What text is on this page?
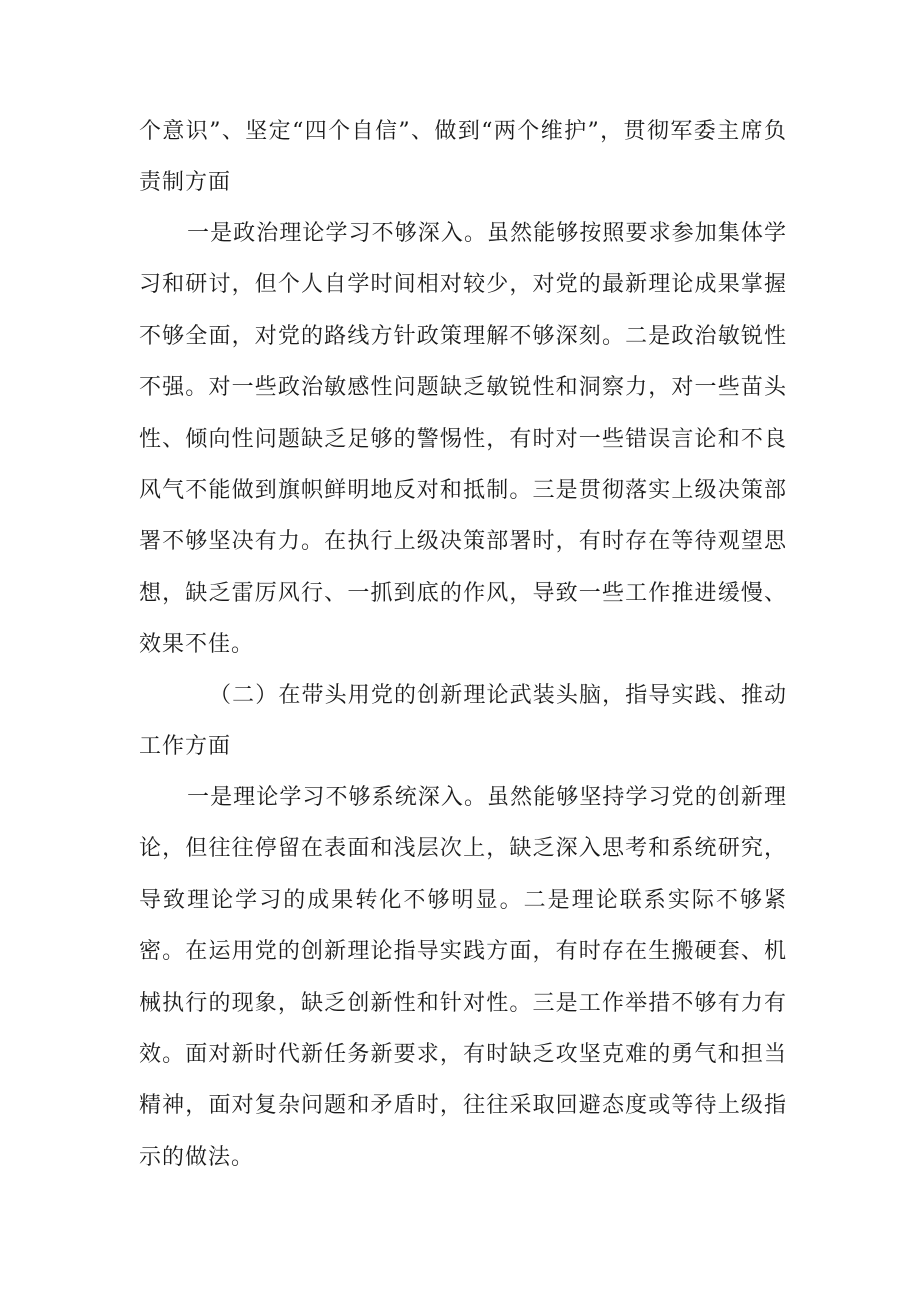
个意识”、坚定“四个自信”、做到“两个维护”，贯彻军委主席负责制方面
一是政治理论学习不够深入。虽然能够按照要求参加集体学习和研讨，但个人自学时间相对较少，对党的最新理论成果掌握不够全面，对党的路线方针政策理解不够深刻。二是政治敏锐性不强。对一些政治敏感性问题缺乏敏锐性和洞察力，对一些苗头性、倾向性问题缺乏足够的警惕性，有时对一些错误言论和不良风气不能做到旗帜鲜明地反对和抵制。三是贯彻落实上级决策部署不够坚决有力。在执行上级决策部署时，有时存在等待观望思想，缺乏雷厉风行、一抓到底的作风，导致一些工作推进缓慢、效果不佳。
（二）在带头用党的创新理论武装头脑，指导实践、推动工作方面
一是理论学习不够系统深入。虽然能够坚持学习党的创新理论，但往往停留在表面和浅层次上，缺乏深入思考和系统研究，导致理论学习的成果转化不够明显。二是理论联系实际不够紧密。在运用党的创新理论指导实践方面，有时存在生搬硬套、机械执行的现象，缺乏创新性和针对性。三是工作举措不够有力有效。面对新时代新任务新要求，有时缺乏攻坚克难的勇气和担当精神，面对复杂问题和矛盾时，往往采取回避态度或等待上级指示的做法。
